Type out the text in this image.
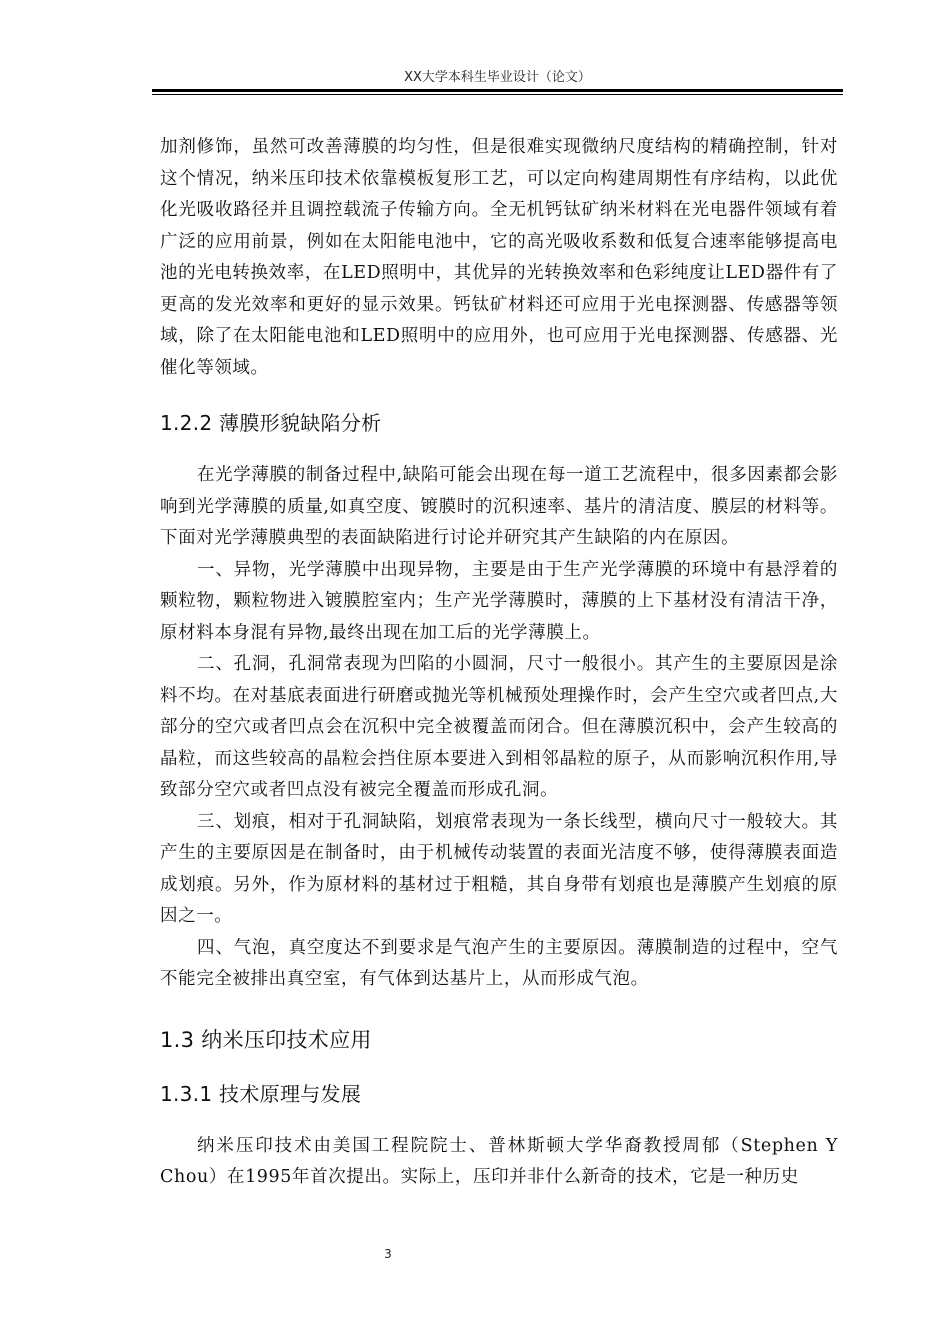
XX大学本科生毕业设计（论文）

加剂修饰，虽然可改善薄膜的均匀性，但是很难实现微纳尺度结构的精确控制，针对这个情况，纳米压印技术依靠模板复形工艺，可以定向构建周期性有序结构，以此优化光吸收路径并且调控载流子传输方向。全无机钙钛矿纳米材料在光电器件领域有着广泛的应用前景，例如在太阳能电池中，它的高光吸收系数和低复合速率能够提高电池的光电转换效率，在LED照明中，其优异的光转换效率和色彩纯度让LED器件有了更高的发光效率和更好的显示效果。钙钛矿材料还可应用于光电探测器、传感器等领域，除了在太阳能电池和LED照明中的应用外，也可应用于光电探测器、传感器、光催化等领域。

1.2.2 薄膜形貌缺陷分析

在光学薄膜的制备过程中,缺陷可能会出现在每一道工艺流程中，很多因素都会影响到光学薄膜的质量,如真空度、镀膜时的沉积速率、基片的清洁度、膜层的材料等。下面对光学薄膜典型的表面缺陷进行讨论并研究其产生缺陷的内在原因。

一、异物，光学薄膜中出现异物，主要是由于生产光学薄膜的环境中有悬浮着的颗粒物，颗粒物进入镀膜腔室内；生产光学薄膜时，薄膜的上下基材没有清洁干净，原材料本身混有异物,最终出现在加工后的光学薄膜上。

二、孔洞，孔洞常表现为凹陷的小圆洞，尺寸一般很小。其产生的主要原因是涂料不均。在对基底表面进行研磨或抛光等机械预处理操作时，会产生空穴或者凹点,大部分的空穴或者凹点会在沉积中完全被覆盖而闭合。但在薄膜沉积中，会产生较高的晶粒，而这些较高的晶粒会挡住原本要进入到相邻晶粒的原子，从而影响沉积作用,导致部分空穴或者凹点没有被完全覆盖而形成孔洞。

三、划痕，相对于孔洞缺陷，划痕常表现为一条长线型，横向尺寸一般较大。其产生的主要原因是在制备时，由于机械传动装置的表面光洁度不够，使得薄膜表面造成划痕。另外，作为原材料的基材过于粗糙，其自身带有划痕也是薄膜产生划痕的原因之一。

四、气泡，真空度达不到要求是气泡产生的主要原因。薄膜制造的过程中，空气不能完全被排出真空室，有气体到达基片上，从而形成气泡。

1.3 纳米压印技术应用
1.3.1 技术原理与发展

纳米压印技术由美国工程院院士、普林斯顿大学华裔教授周郁（Stephen Y Chou）在1995年首次提出。实际上，压印并非什么新奇的技术，它是一种历史

3
